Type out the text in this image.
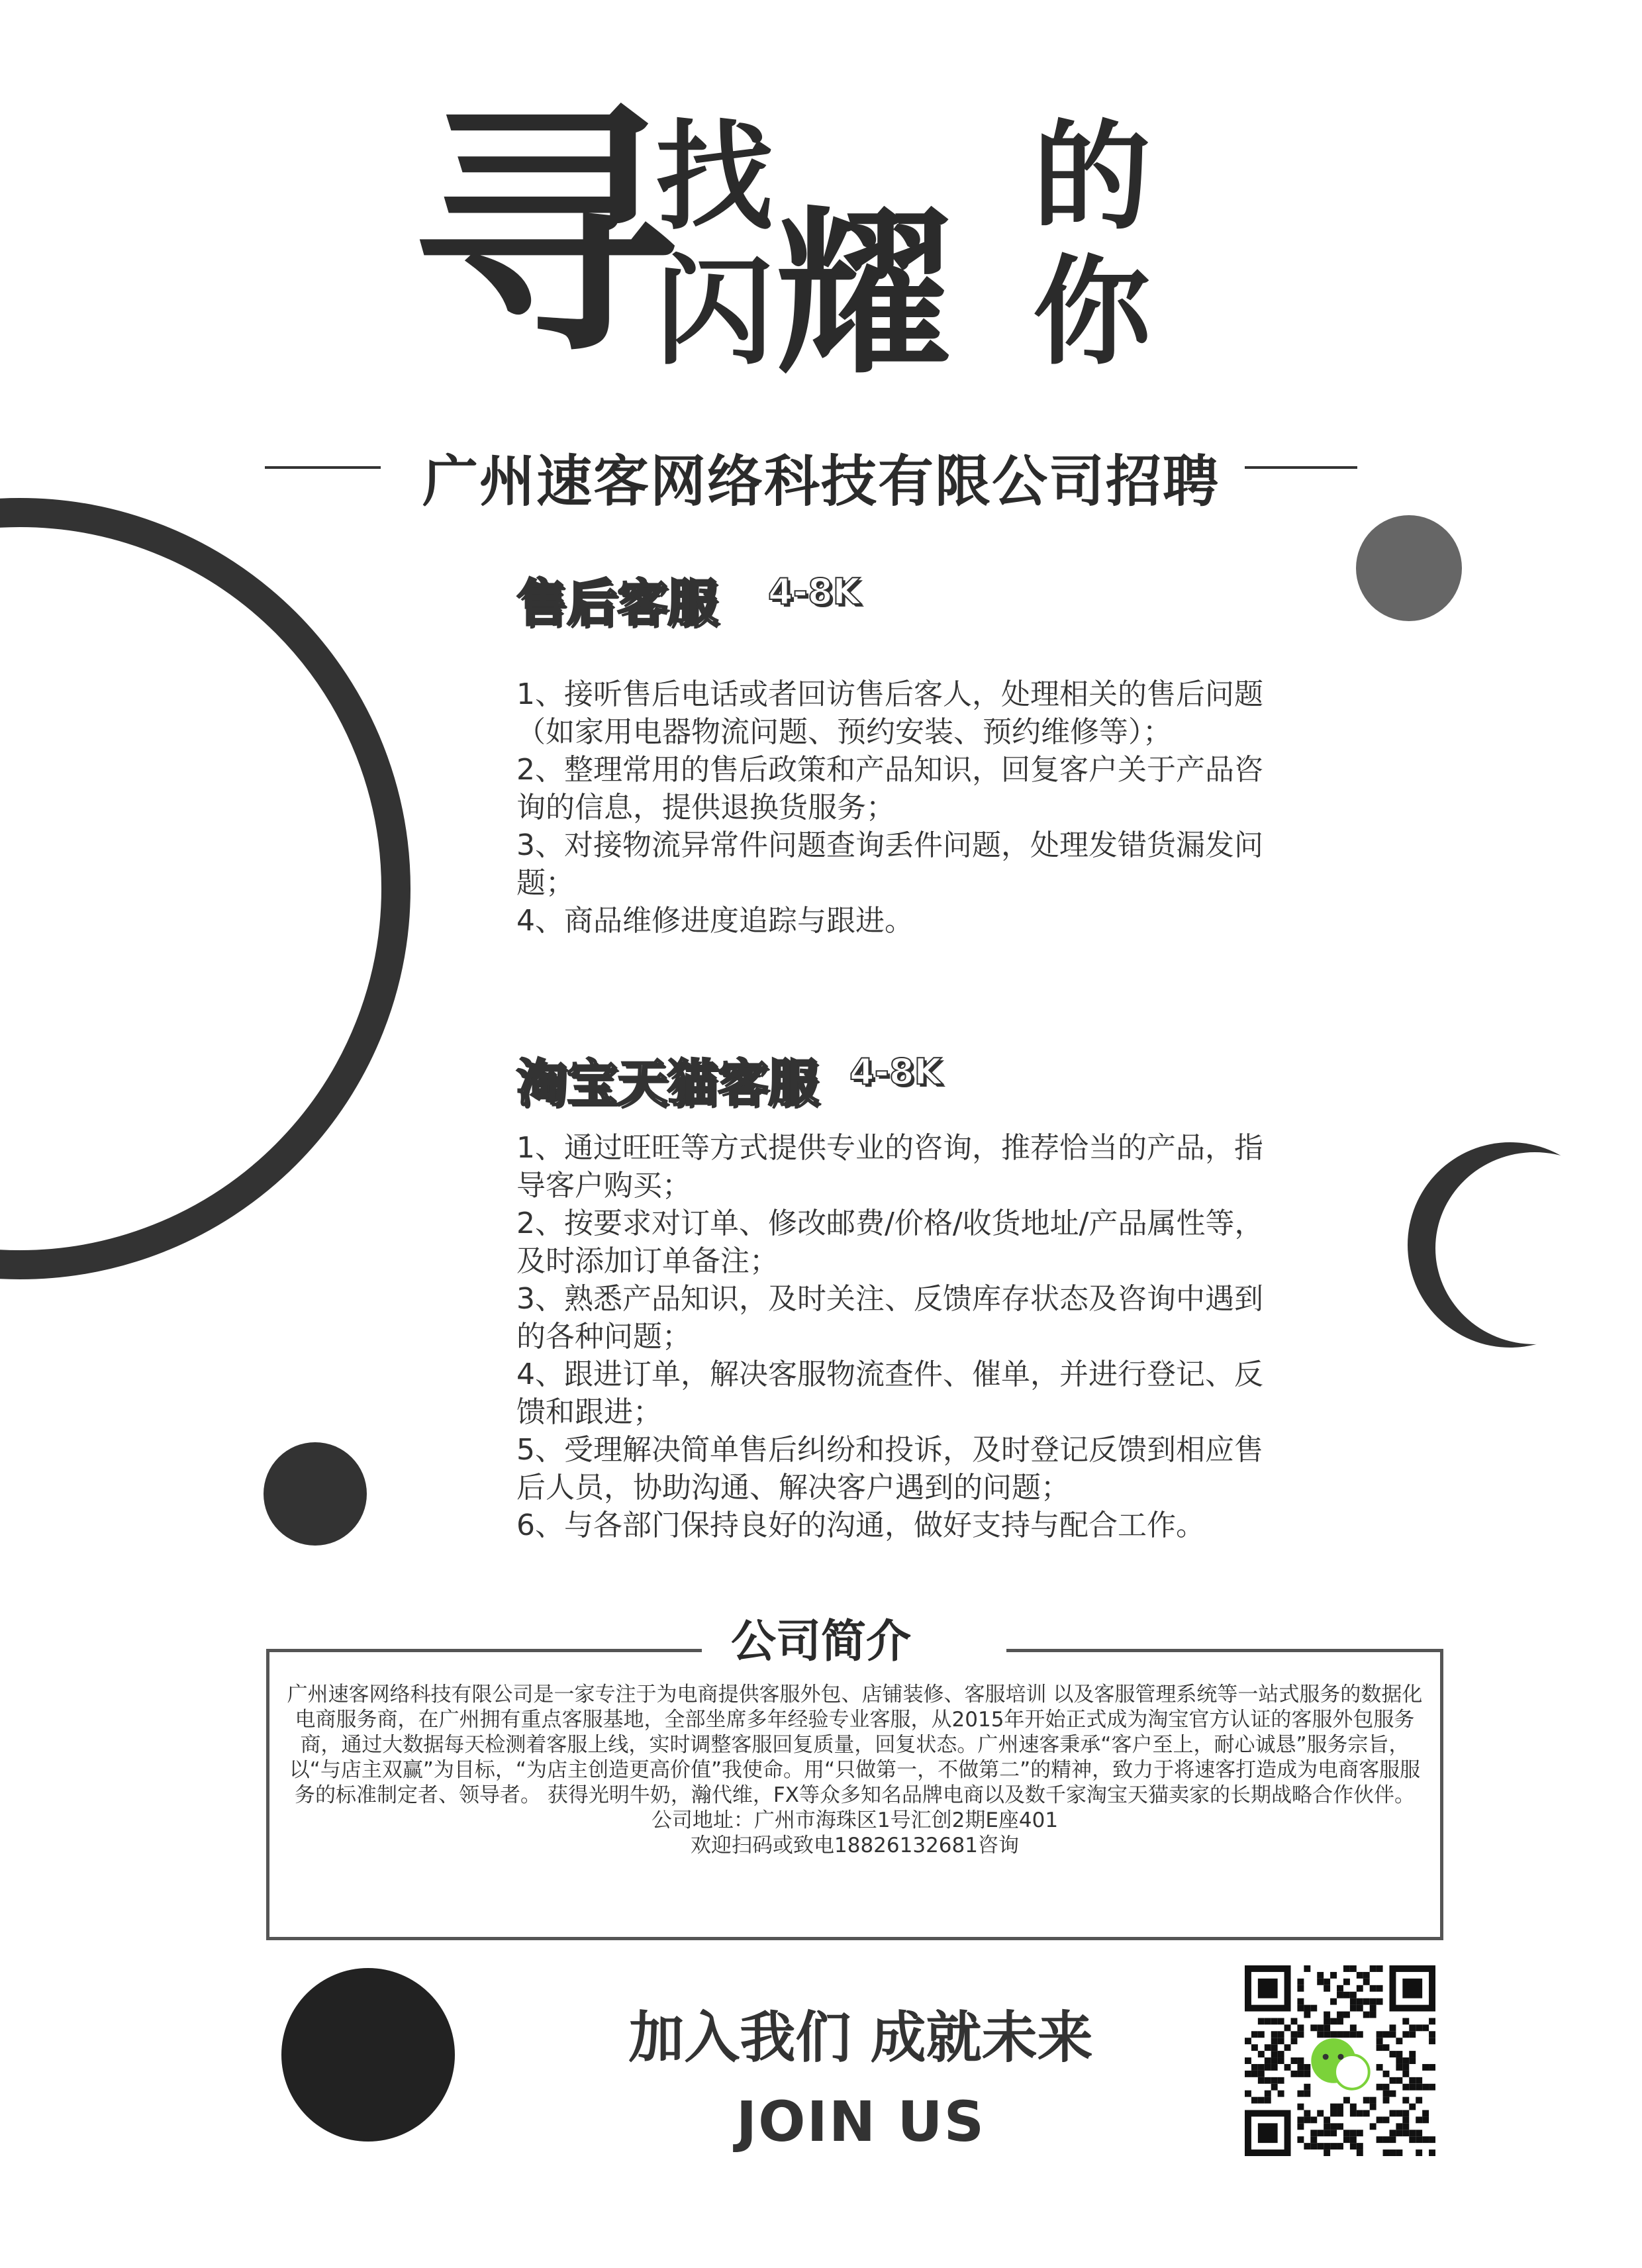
寻
找 的
闪 耀 你
广州速客网络科技有限公司招聘
售后客服 4-8K

1、接听售后电话或者回访售后客人，处理相关的售后问题（如家用电器物流问题、预约安装、预约维修等）；

2、整理常用的售后政策和产品知识，回复客户关于产品咨询的信息，提供退换货服务；

3、对接物流异常件问题查询丢件问题，处理发错货漏发问题；

4、商品维修进度追踪与跟进。

淘宝天猫客服 4-8K

1、通过旺旺等方式提供专业的咨询，推荐恰当的产品，指导客户购买；

2、按要求对订单、修改邮费/价格/收货地址/产品属性等，及时添加订单备注；

3、熟悉产品知识，及时关注、反馈库存状态及咨询中遇到的各种问题；

4、跟进订单，解决客服物流查件、催单，并进行登记、反馈和跟进；

5、受理解决简单售后纠纷和投诉，及时登记反馈到相应售后人员，协助沟通、解决客户遇到的问题；

6、与各部门保持良好的沟通，做好支持与配合工作。

公司简介

广州速客网络科技有限公司是一家专注于为电商提供客服外包、店铺装修、客服培训 以及客服管理系统等一站式服务的数据化电商服务商，在广州拥有重点客服基地，全部坐席多年经验专业客服，从2015年开始正式成为淘宝官方认证的客服外包服务商，通过大数据每天检测着客服上线，实时调整客服回复质量，回复状态。广州速客秉承“客户至上，耐心诚恳”服务宗旨，以“与店主双赢”为目标，“为店主创造更高价值”我使命。用“只做第一，不做第二”的精神，致力于将速客打造成为电商客服服务的标准制定者、领导者。 获得光明牛奶，瀚代维，FX等众多知名品牌电商以及数千家淘宝天猫卖家的长期战略合作伙伴。

公司地址：广州市海珠区1号汇创2期E座401

欢迎扫码或致电18826132681咨询

加入我们 成就未来
JOIN US
